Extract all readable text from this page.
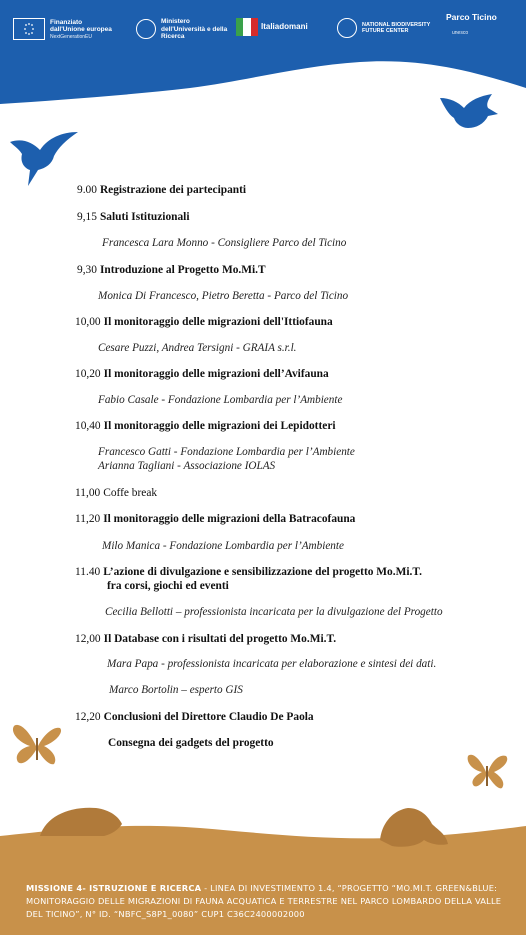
Finanziato dall'Unione europea
NextGenerationEU
Ministero dell'Università e della Ricerca
Italiadomani	NATIONAL BIODIVERSITY FUTURE CENTER
Parco Ticino
unesco
9.00 Registrazione dei partecipanti
9,15 Saluti Istituzionali
Francesca Lara Monno - Consigliere Parco del Ticino
9,30 Introduzione al Progetto Mo.Mi.T
Monica Di Francesco, Pietro Beretta - Parco del Ticino
10,00 Il monitoraggio delle migrazioni dell'Ittiofauna
Cesare Puzzi, Andrea Tersigni - GRAIA s.r.l.
10,20 Il monitoraggio delle migrazioni dell’Avifauna
Fabio Casale - Fondazione Lombardia per l’Ambiente
10,40 Il monitoraggio delle migrazioni dei Lepidotteri
Francesco Gatti - Fondazione Lombardia per l’Ambiente
Arianna Tagliani - Associazione IOLAS
11,00 Coffe break
11,20 Il monitoraggio delle migrazioni della Batracofauna
Milo Manica - Fondazione Lombardia per l’Ambiente
11.40 L’azione di divulgazione e sensibilizzazione del progetto Mo.Mi.T.
fra corsi, giochi ed eventi
Cecilia Bellotti – professionista incaricata per la divulgazione del Progetto
12,00 Il Database con i risultati del progetto Mo.Mi.T.
Mara Papa - professionista incaricata per elaborazione e sintesi dei dati.
Marco Bortolin – esperto GIS
12,20 Conclusioni del Direttore Claudio De Paola
Consegna dei gadgets del progetto
MISSIONE 4- ISTRUZIONE E RICERCA - LINEA DI INVESTIMENTO 1.4, “PROGETTO “MO.MI.T. GREEN&BLUE: MONITORAGGIO DELLE MIGRAZIONI DI FAUNA ACQUATICA E TERRESTRE NEL PARCO LOMBARDO DELLA VALLE DEL TICINO”, N° ID. “NBFC_S8P1_0080” CUP1 C36C2400002000
